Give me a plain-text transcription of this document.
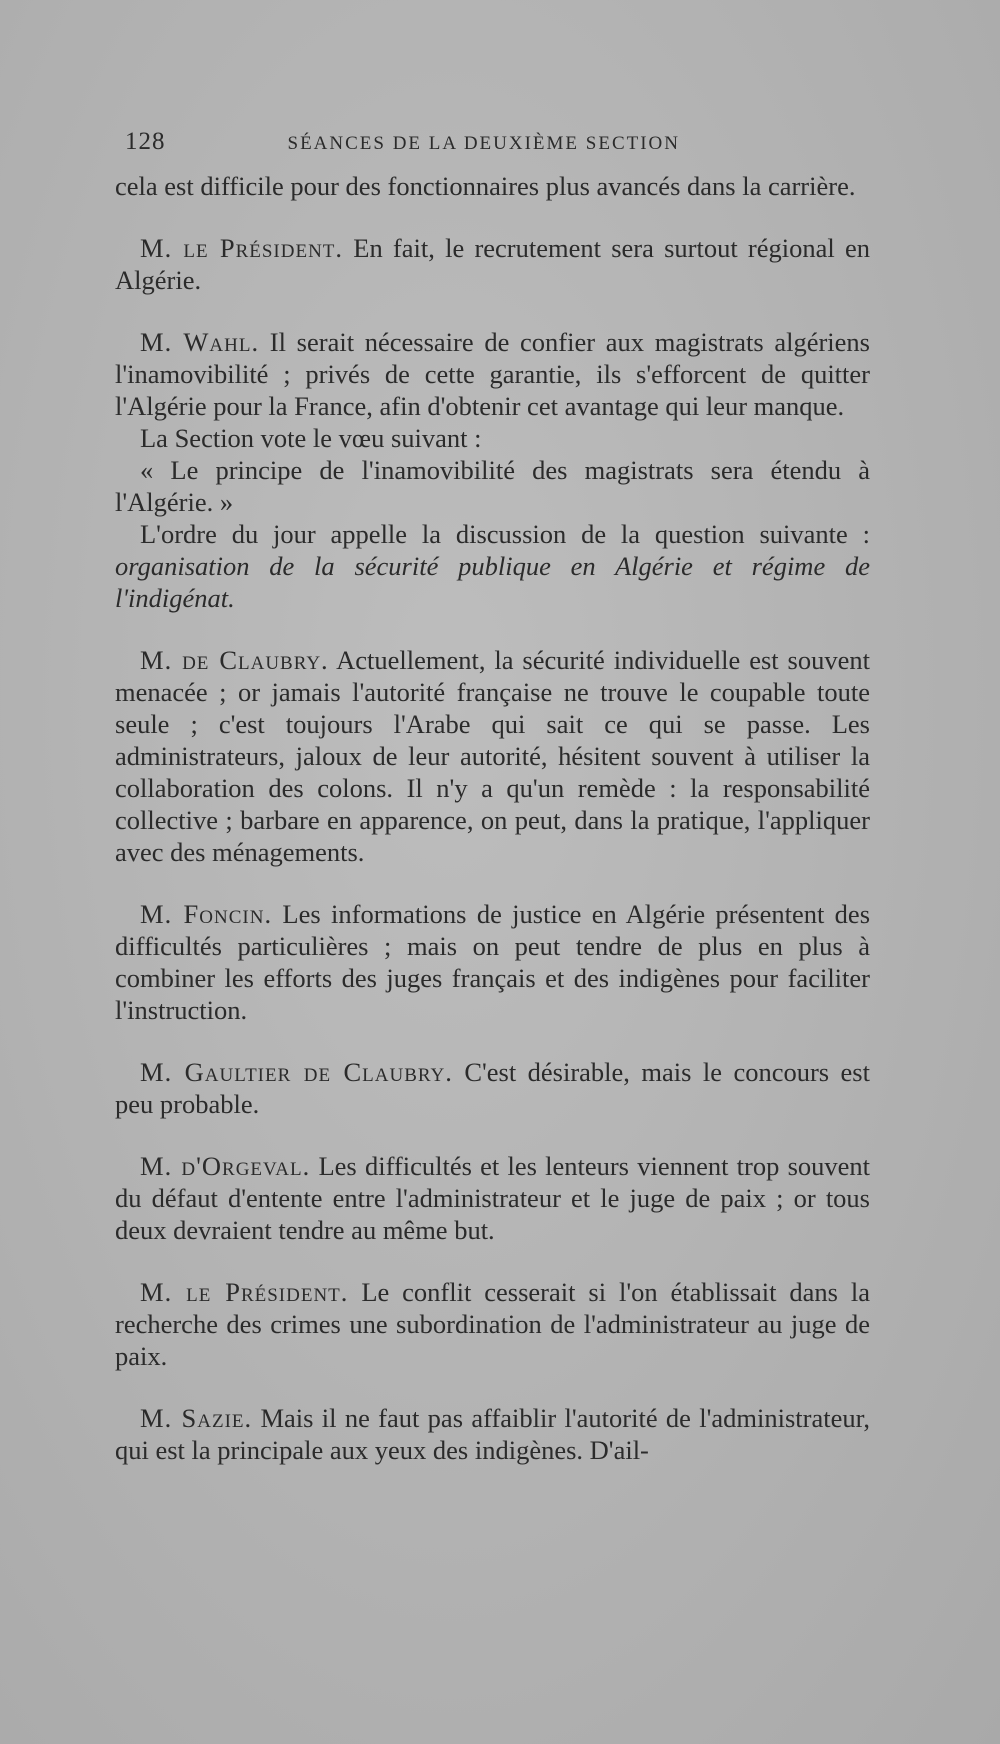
128	SÉANCES DE LA DEUXIÈME SECTION

cela est difficile pour des fonctionnaires plus avancés dans la carrière.

M. le Président. En fait, le recrutement sera surtout régional en Algérie.

M. Wahl. Il serait nécessaire de confier aux magistrats algériens l'inamovibilité ; privés de cette garantie, ils s'efforcent de quitter l'Algérie pour la France, afin d'obtenir cet avantage qui leur manque.

La Section vote le vœu suivant :

« Le principe de l'inamovibilité des magistrats sera étendu à l'Algérie. »

L'ordre du jour appelle la discussion de la question suivante : organisation de la sécurité publique en Algérie et régime de l'indigénat.

M. de Claubry. Actuellement, la sécurité individuelle est souvent menacée ; or jamais l'autorité française ne trouve le coupable toute seule ; c'est toujours l'Arabe qui sait ce qui se passe. Les administrateurs, jaloux de leur autorité, hésitent souvent à utiliser la collaboration des colons. Il n'y a qu'un remède : la responsabilité collective ; barbare en apparence, on peut, dans la pratique, l'appliquer avec des ménagements.

M. Foncin. Les informations de justice en Algérie présentent des difficultés particulières ; mais on peut tendre de plus en plus à combiner les efforts des juges français et des indigènes pour faciliter l'instruction.

M. Gaultier de Claubry. C'est désirable, mais le concours est peu probable.

M. d'Orgeval. Les difficultés et les lenteurs viennent trop souvent du défaut d'entente entre l'administrateur et le juge de paix ; or tous deux devraient tendre au même but.

M. le Président. Le conflit cesserait si l'on établissait dans la recherche des crimes une subordination de l'administrateur au juge de paix.

M. Sazie. Mais il ne faut pas affaiblir l'autorité de l'administrateur, qui est la principale aux yeux des indigènes. D'ail-
